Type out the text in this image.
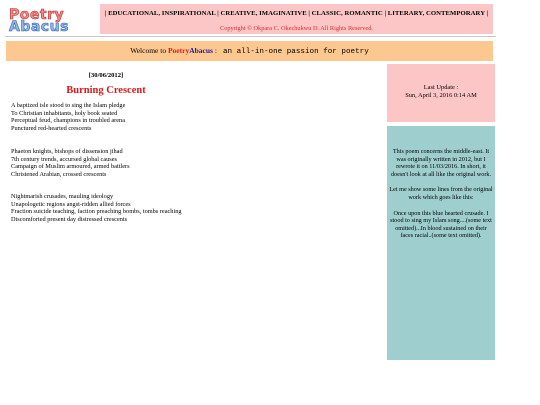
Poetry
Abacus
| EDUCATIONAL, INSPIRATIONAL | CREATIVE, IMAGINATIVE | CLASSIC, ROMANTIC | LITERARY, CONTEMPORARY |
Copyright © Okpara C. Okechukwu D. All Rights Reserved.
Welcome to PoetryAbacus : an all-in-one passion for poetry
[30/06/2012]
Burning Crescent
A baptized isle stood to sing the Islam pledge
To Christian inhabitants, holy book seated
Perceptual feud, champions in troubled arena
Punctured red-hearted crescents
Phaeton knights, bishops of dissension jihad
7th century trends, accursed global causes
Campaign of Muslim armoured, armed battlers
Christened Arabian, crossed crescents
Nightmarish crusades, mauling ideology
Unapologetic regions angst-ridden allied forces
Fraction suicide teaching, faction preaching bombs, tombs reaching
Discomforted present day distressed crescents
Last Update :
Sun, April 3, 2016 0:14 AM

This poem concerns the middle-east. It was originally written in 2012, but I rewrote it on 11/03/2016. In short, it doesn't look at all like the original work.

Let me show some lines from the original work which goes like this:

Once upon this blue hearted crusade. I stood to sing my Islam song....(some text omitted)...In blood sustained on their faces racial..(some text omitted).
